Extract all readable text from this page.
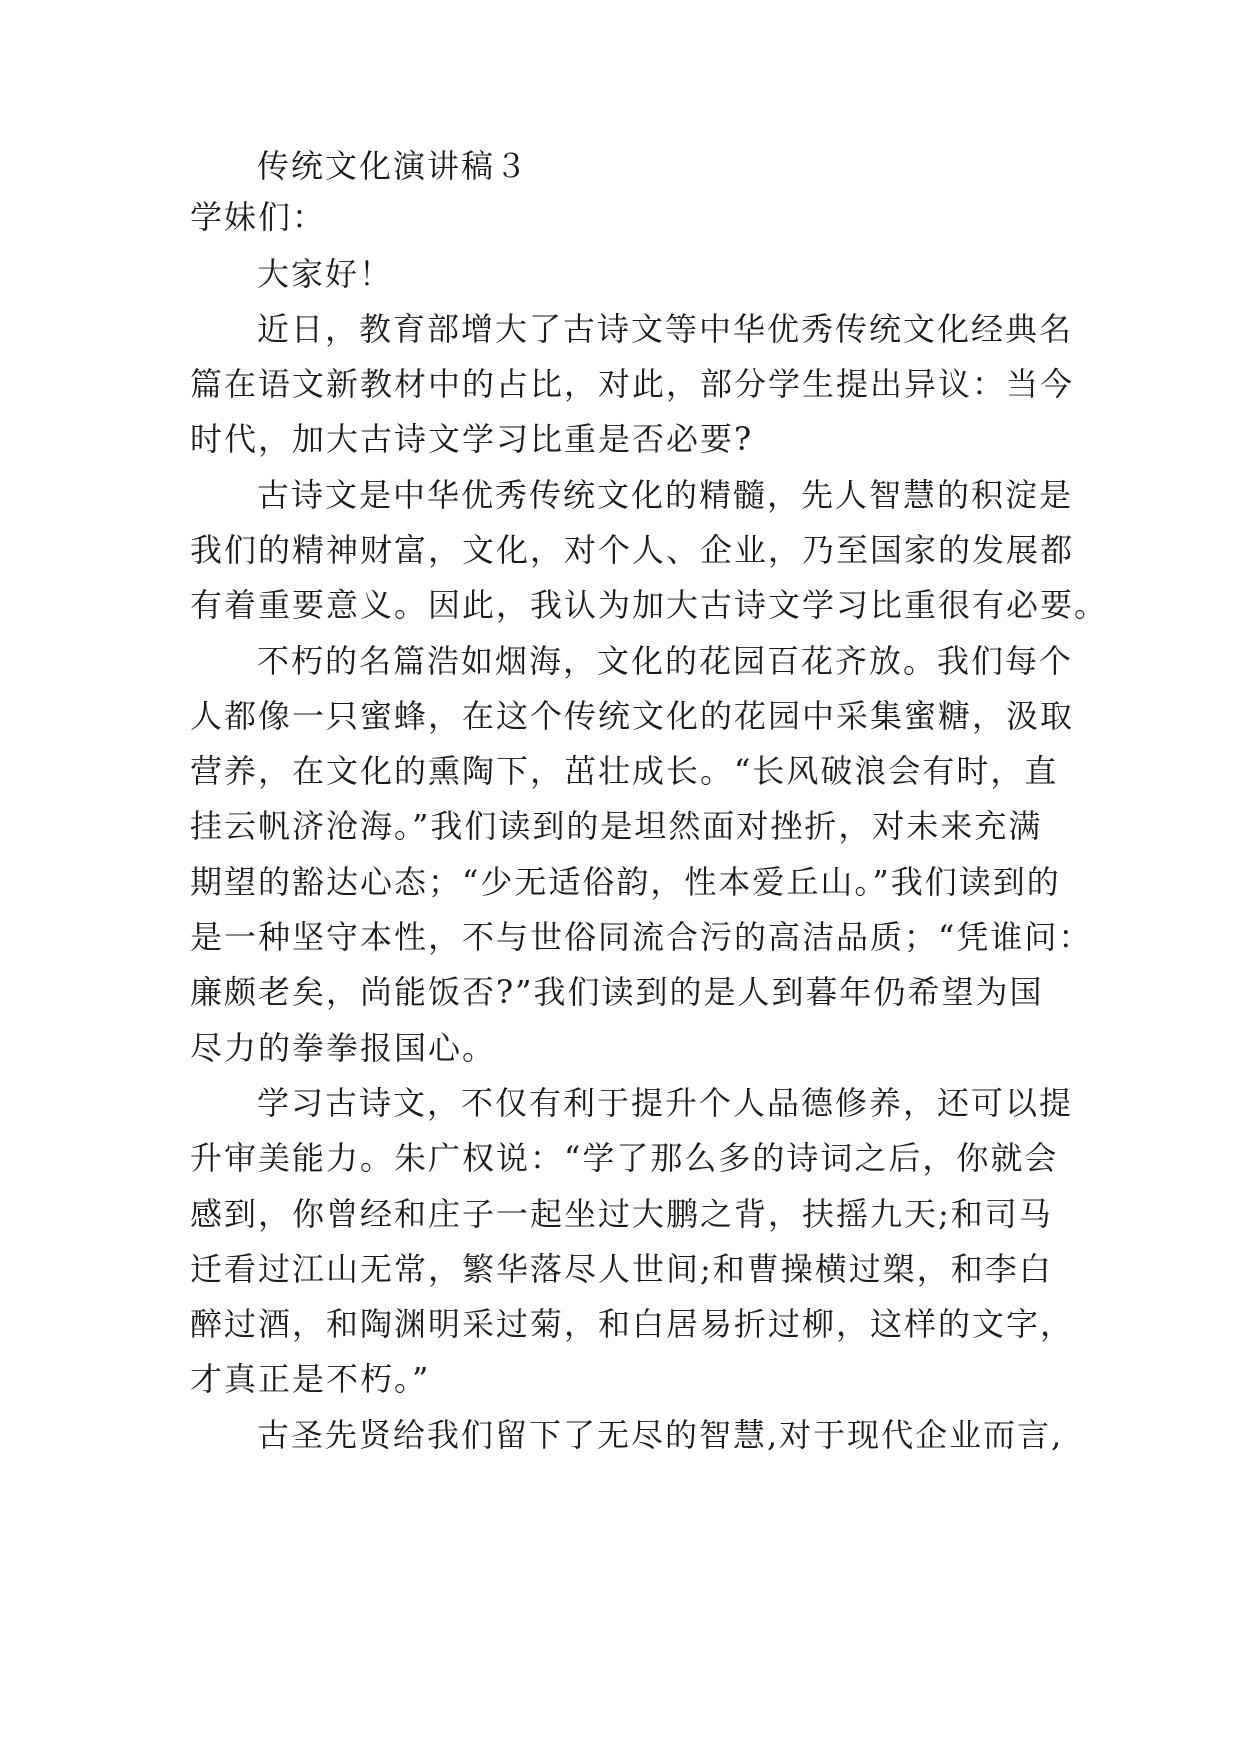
传统文化演讲稿３
学妹们：
大家好！
近日，教育部增大了古诗文等中华优秀传统文化经典名
篇在语文新教材中的占比，对此，部分学生提出异议：当今
时代，加大古诗文学习比重是否必要?
古诗文是中华优秀传统文化的精髓，先人智慧的积淀是
我们的精神财富，文化，对个人、企业，乃至国家的发展都
有着重要意义。因此，我认为加大古诗文学习比重很有必要。
不朽的名篇浩如烟海，文化的花园百花齐放。我们每个
人都像一只蜜蜂，在这个传统文化的花园中采集蜜糖，汲取
营养，在文化的熏陶下，茁壮成长。“长风破浪会有时，直
挂云帆济沧海。”我们读到的是坦然面对挫折，对未来充满
期望的豁达心态；“少无适俗韵，性本爱丘山。”我们读到的
是一种坚守本性，不与世俗同流合污的高洁品质；“凭谁问：
廉颇老矣，尚能饭否?”我们读到的是人到暮年仍希望为国
尽力的拳拳报国心。
学习古诗文，不仅有利于提升个人品德修养，还可以提
升审美能力。朱广权说：“学了那么多的诗词之后，你就会
感到，你曾经和庄子一起坐过大鹏之背，扶摇九天;和司马
迁看过江山无常，繁华落尽人世间;和曹操横过槊，和李白
醉过酒，和陶渊明采过菊，和白居易折过柳，这样的文字，
才真正是不朽。”
古圣先贤给我们留下了无尽的智慧,对于现代企业而言,
